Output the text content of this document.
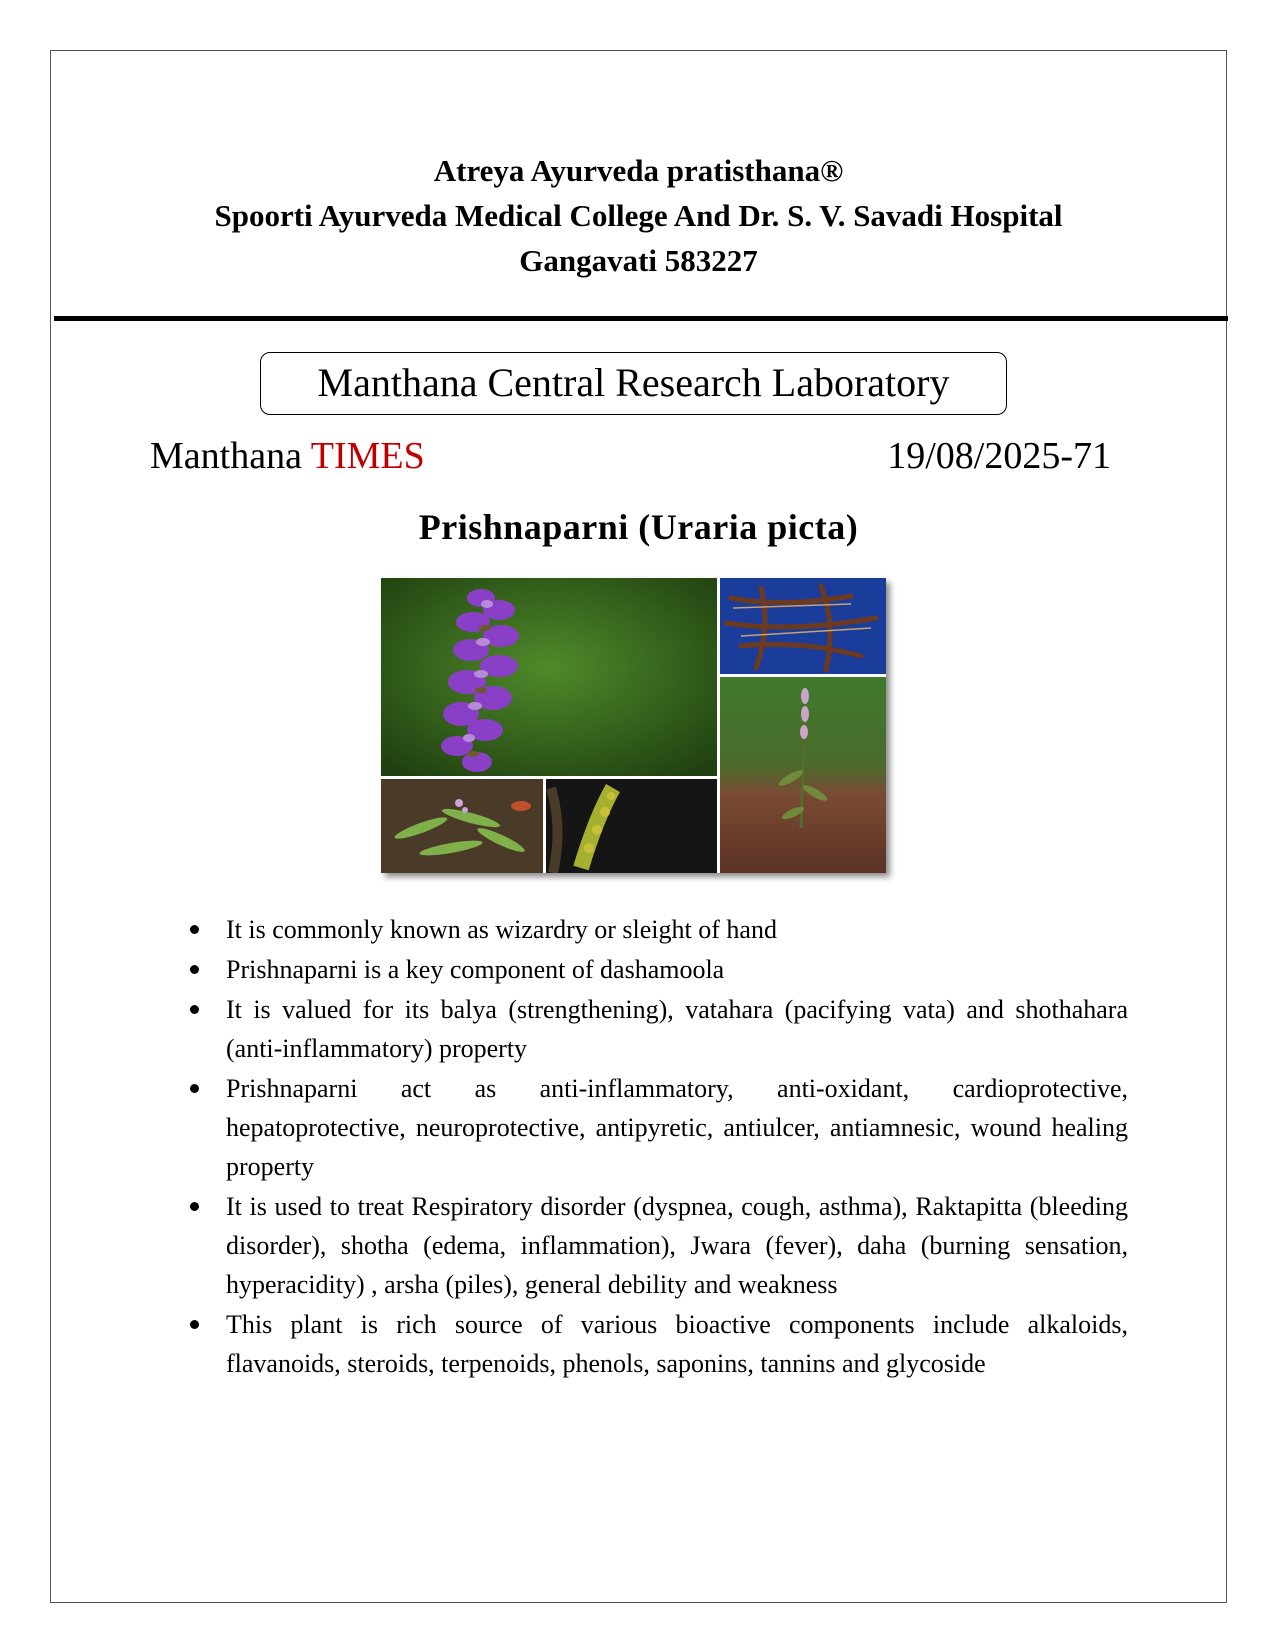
Atreya Ayurveda pratisthana®
Spoorti Ayurveda Medical College And Dr. S. V. Savadi Hospital
Gangavati 583227
Manthana Central Research Laboratory
Manthana TIMES	19/08/2025-71
Prishnaparni (Uraria picta)
It is commonly known as wizardry or sleight of hand
Prishnaparni is a key component of dashamoola
It is valued for its balya (strengthening), vatahara (pacifying vata) and shothahara (anti-inflammatory) property
Prishnaparni act as anti-inflammatory, anti-oxidant, cardioprotective, hepatoprotective, neuroprotective, antipyretic, antiulcer, antiamnesic, wound healing property
It is used to treat Respiratory disorder (dyspnea, cough, asthma), Raktapitta (bleeding disorder), shotha (edema, inflammation), Jwara (fever), daha (burning sensation, hyperacidity) , arsha (piles), general debility and weakness
This plant is rich source of various bioactive components include alkaloids, flavanoids, steroids, terpenoids, phenols, saponins, tannins and glycoside
